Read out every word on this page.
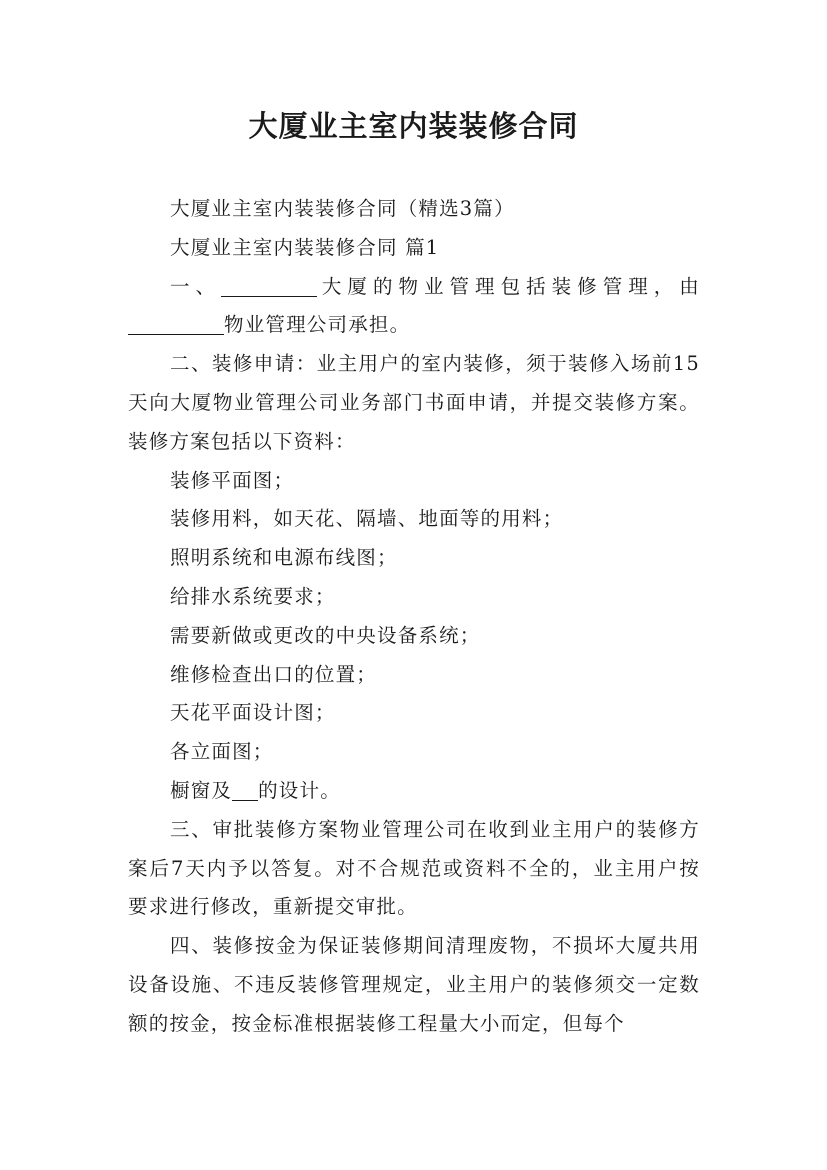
大厦业主室内装装修合同

大厦业主室内装装修合同（精选3篇）

大厦业主室内装装修合同 篇1

一、	大厦的物业管理包括装修管理，由

物业管理公司承担。

二、装修申请：业主用户的室内装修，须于装修入场前15天向大厦物业管理公司业务部门书面申请，并提交装修方案。装修方案包括以下资料：

装修平面图；

装修用料，如天花、隔墙、地面等的用料；

照明系统和电源布线图；

给排水系统要求；

需要新做或更改的中央设备系统；

维修检查出口的位置；

天花平面设计图；

各立面图；

橱窗及 的设计。

三、审批装修方案物业管理公司在收到业主用户的装修方案后7天内予以答复。对不合规范或资料不全的，业主用户按要求进行修改，重新提交审批。

四、装修按金为保证装修期间清理废物，不损坏大厦共用设备设施、不违反装修管理规定，业主用户的装修须交一定数额的按金，按金标准根据装修工程量大小而定，但每个
